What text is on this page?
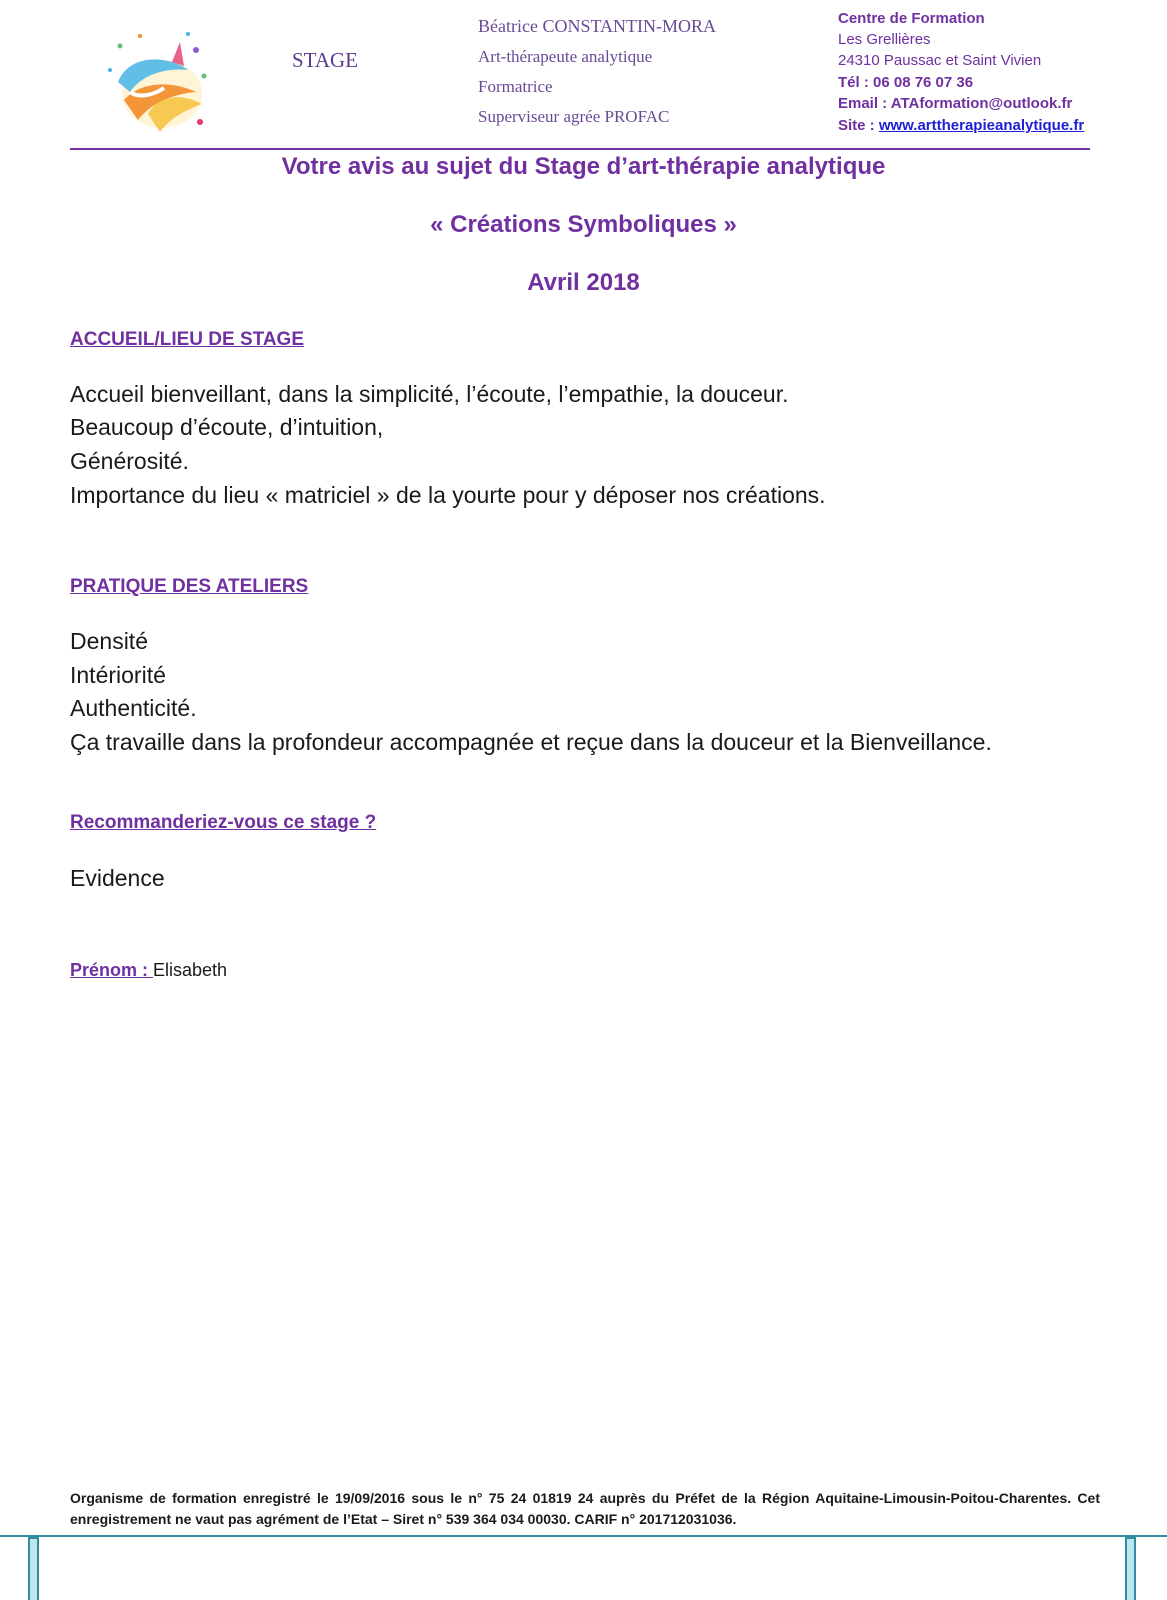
STAGE
Béatrice CONSTANTIN-MORA
Art-thérapeute analytique
Formatrice
Superviseur agrée PROFAC
Centre de Formation
Les Grellières
24310 Paussac et Saint Vivien
Tél : 06 08 76 07 36
Email : ATAformation@outlook.fr
Site : www.arttherapieanalytique.fr
Votre avis au sujet du Stage d’art-thérapie analytique
« Créations Symboliques »
Avril 2018
ACCUEIL/LIEU DE STAGE
Accueil bienveillant, dans la simplicité, l’écoute, l’empathie, la douceur.
Beaucoup d’écoute, d’intuition,
Générosité.
Importance du lieu « matriciel » de la yourte pour y déposer nos créations.
PRATIQUE DES ATELIERS
Densité
Intériorité
Authenticité.
Ça travaille dans la profondeur accompagnée et reçue dans la douceur et la Bienveillance.
Recommanderiez-vous ce stage ?
Evidence
Prénom : Elisabeth
Organisme de formation enregistré le 19/09/2016 sous le n° 75 24 01819 24 auprès du Préfet de la Région Aquitaine-Limousin-Poitou-Charentes. Cet enregistrement ne vaut pas agrément de l’Etat – Siret n° 539 364 034 00030. CARIF n° 201712031036.
